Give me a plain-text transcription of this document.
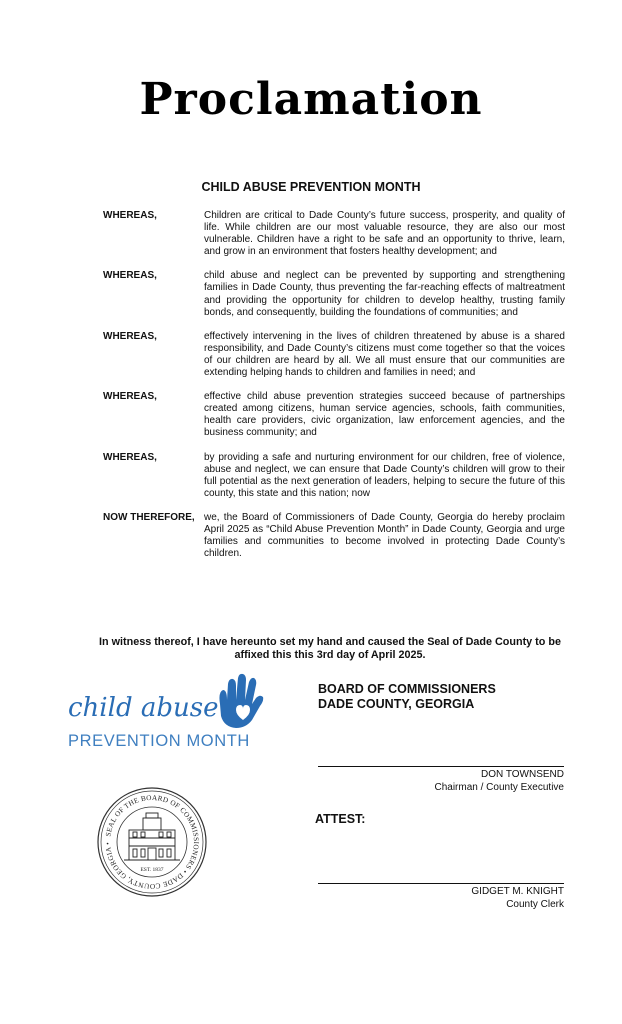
Proclamation
CHILD ABUSE PREVENTION MONTH
WHEREAS,	Children are critical to Dade County’s future success, prosperity, and quality of life. While children are our most valuable resource, they are also our most vulnerable. Children have a right to be safe and an opportunity to thrive, learn, and grow in an environment that fosters healthy development; and
WHEREAS,	child abuse and neglect can be prevented by supporting and strengthening families in Dade County, thus preventing the far-reaching effects of maltreatment and providing the opportunity for children to develop healthy, trusting family bonds, and consequently, building the foundations of communities; and
WHEREAS,	effectively intervening in the lives of children threatened by abuse is a shared responsibility, and Dade County’s citizens must come together so that the voices of our children are heard by all. We all must ensure that our communities are extending helping hands to children and families in need; and
WHEREAS,	effective child abuse prevention strategies succeed because of partnerships created among citizens, human service agencies, schools, faith communities, health care providers, civic organization, law enforcement agencies, and the business community; and
WHEREAS,	by providing a safe and nurturing environment for our children, free of violence, abuse and neglect, we can ensure that Dade County’s children will grow to their full potential as the next generation of leaders, helping to secure the future of this county, this state and this nation; now
NOW THEREFORE, we, the Board of Commissioners of Dade County, Georgia do hereby proclaim April 2025 as “Child Abuse Prevention Month” in Dade County, Georgia and urge families and communities to become involved in protecting Dade County’s children.
In witness thereof, I have hereunto set my hand and caused the Seal of Dade County to be affixed this this 3rd day of April 2025.
BOARD OF COMMISSIONERS
DADE COUNTY, GEORGIA
DON TOWNSEND
Chairman / County Executive
ATTEST:
GIDGET M. KNIGHT
County Clerk
child abuse
PREVENTION MONTH
SEAL OF THE BOARD OF COMMISSIONERS • DADE COUNTY, GEORGIA •
EST. 1837
